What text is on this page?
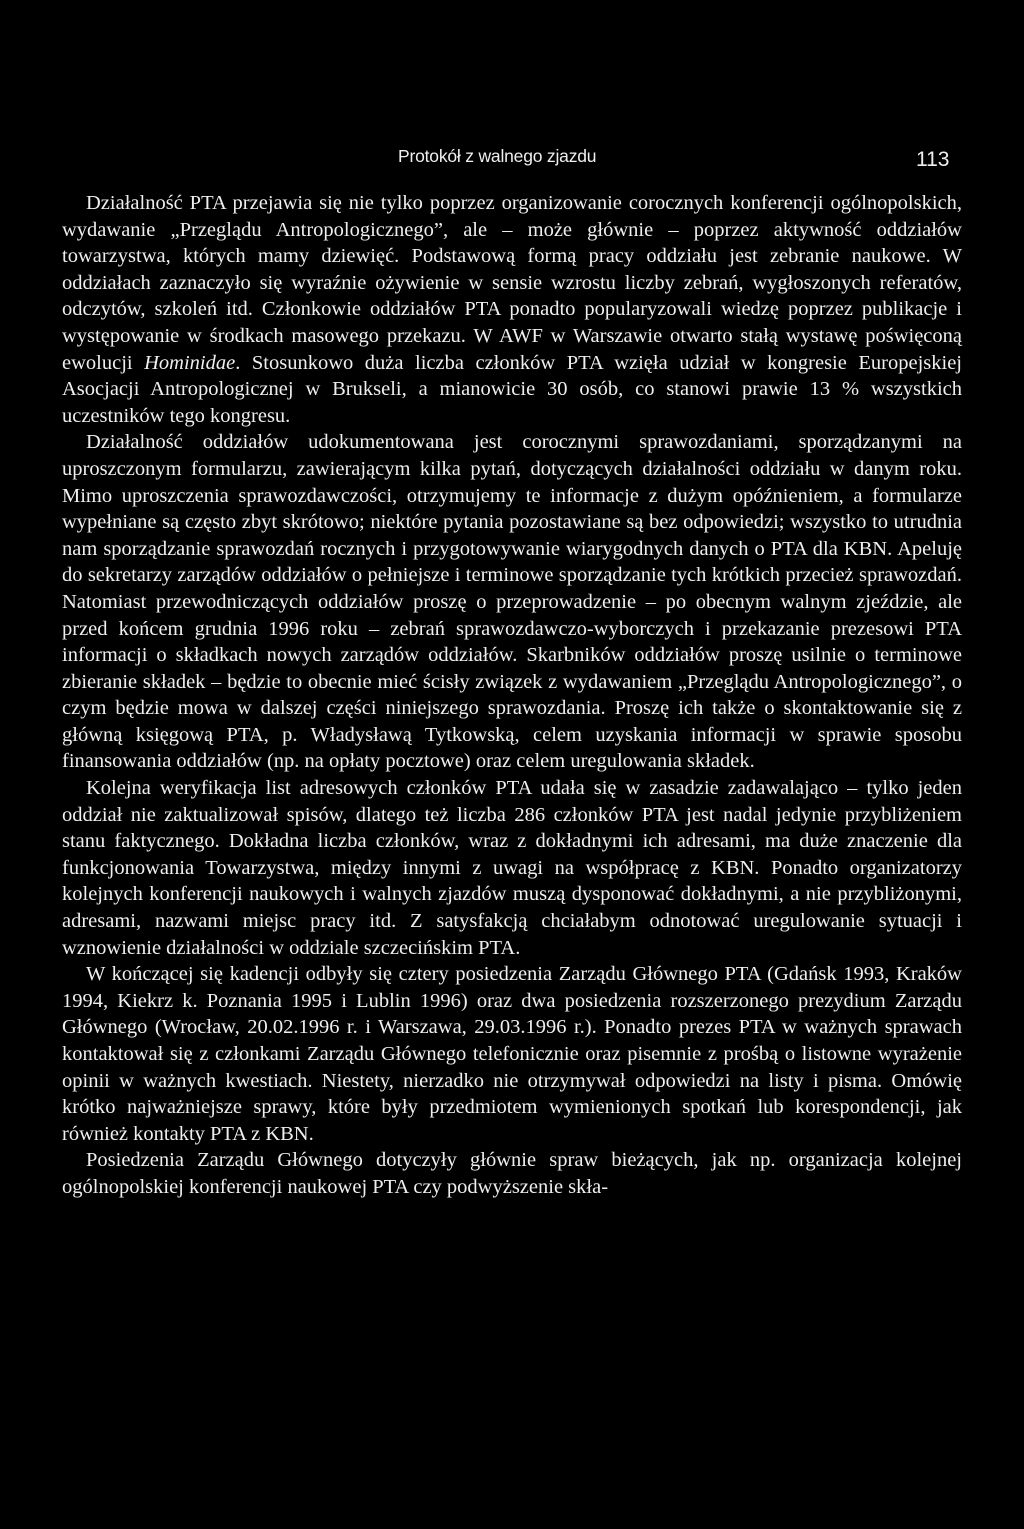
Protokół z walnego zjazdu	113

Działalność PTA przejawia się nie tylko poprzez organizowanie corocznych konferencji ogólnopolskich, wydawanie „Przeglądu Antropologicznego”, ale – może głównie – poprzez aktywność oddziałów towarzystwa, których mamy dziewięć. Podstawową formą pracy oddziału jest zebranie naukowe. W oddziałach zaznaczyło się wyraźnie ożywienie w sensie wzrostu liczby zebrań, wygłoszonych referatów, odczytów, szkoleń itd. Członkowie oddziałów PTA ponadto popularyzowali wiedzę poprzez publikacje i występowanie w środkach masowego przekazu. W AWF w Warszawie otwarto stałą wystawę poświęconą ewolucji Hominidae. Stosunkowo duża liczba członków PTA wzięła udział w kongresie Europejskiej Asocjacji Antropologicznej w Brukseli, a mianowicie 30 osób, co stanowi prawie 13 % wszystkich uczestników tego kongresu.

Działalność oddziałów udokumentowana jest corocznymi sprawozdaniami, sporządzanymi na uproszczonym formularzu, zawierającym kilka pytań, dotyczących działalności oddziału w danym roku. Mimo uproszczenia sprawozdawczości, otrzymujemy te informacje z dużym opóźnieniem, a formularze wypełniane są często zbyt skrótowo; niektóre pytania pozostawiane są bez odpowiedzi; wszystko to utrudnia nam sporządzanie sprawozdań rocznych i przygotowywanie wiarygodnych danych o PTA dla KBN. Apeluję do sekretarzy zarządów oddziałów o pełniejsze i terminowe sporządzanie tych krótkich przecież sprawozdań. Natomiast przewodniczących oddziałów proszę o przeprowadzenie – po obecnym walnym zjeździe, ale przed końcem grudnia 1996 roku – zebrań sprawozdawczo-wyborczych i przekazanie prezesowi PTA informacji o składkach nowych zarządów oddziałów. Skarbników oddziałów proszę usilnie o terminowe zbieranie składek – będzie to obecnie mieć ścisły związek z wydawaniem „Przeglądu Antropologicznego”, o czym będzie mowa w dalszej części niniejszego sprawozdania. Proszę ich także o skontaktowanie się z główną księgową PTA, p. Władysławą Tytkowską, celem uzyskania informacji w sprawie sposobu finansowania oddziałów (np. na opłaty pocztowe) oraz celem uregulowania składek.

Kolejna weryfikacja list adresowych członków PTA udała się w zasadzie zadawalająco – tylko jeden oddział nie zaktualizował spisów, dlatego też liczba 286 członków PTA jest nadal jedynie przybliżeniem stanu faktycznego. Dokładna liczba członków, wraz z dokładnymi ich adresami, ma duże znaczenie dla funkcjonowania Towarzystwa, między innymi z uwagi na współpracę z KBN. Ponadto organizatorzy kolejnych konferencji naukowych i walnych zjazdów muszą dysponować dokładnymi, a nie przybliżonymi, adresami, nazwami miejsc pracy itd. Z satysfakcją chciałabym odnotować uregulowanie sytuacji i wznowienie działalności w oddziale szczecińskim PTA.

W kończącej się kadencji odbyły się cztery posiedzenia Zarządu Głównego PTA (Gdańsk 1993, Kraków 1994, Kiekrz k. Poznania 1995 i Lublin 1996) oraz dwa posiedzenia rozszerzonego prezydium Zarządu Głównego (Wrocław, 20.02.1996 r. i Warszawa, 29.03.1996 r.). Ponadto prezes PTA w ważnych sprawach kontaktował się z członkami Zarządu Głównego telefonicznie oraz pisemnie z prośbą o listowne wyrażenie opinii w ważnych kwestiach. Niestety, nierzadko nie otrzymywał odpowiedzi na listy i pisma. Omówię krótko najważniejsze sprawy, które były przedmiotem wymienionych spotkań lub korespondencji, jak również kontakty PTA z KBN.

Posiedzenia Zarządu Głównego dotyczyły głównie spraw bieżących, jak np. organizacja kolejnej ogólnopolskiej konferencji naukowej PTA czy podwyższenie skła-
